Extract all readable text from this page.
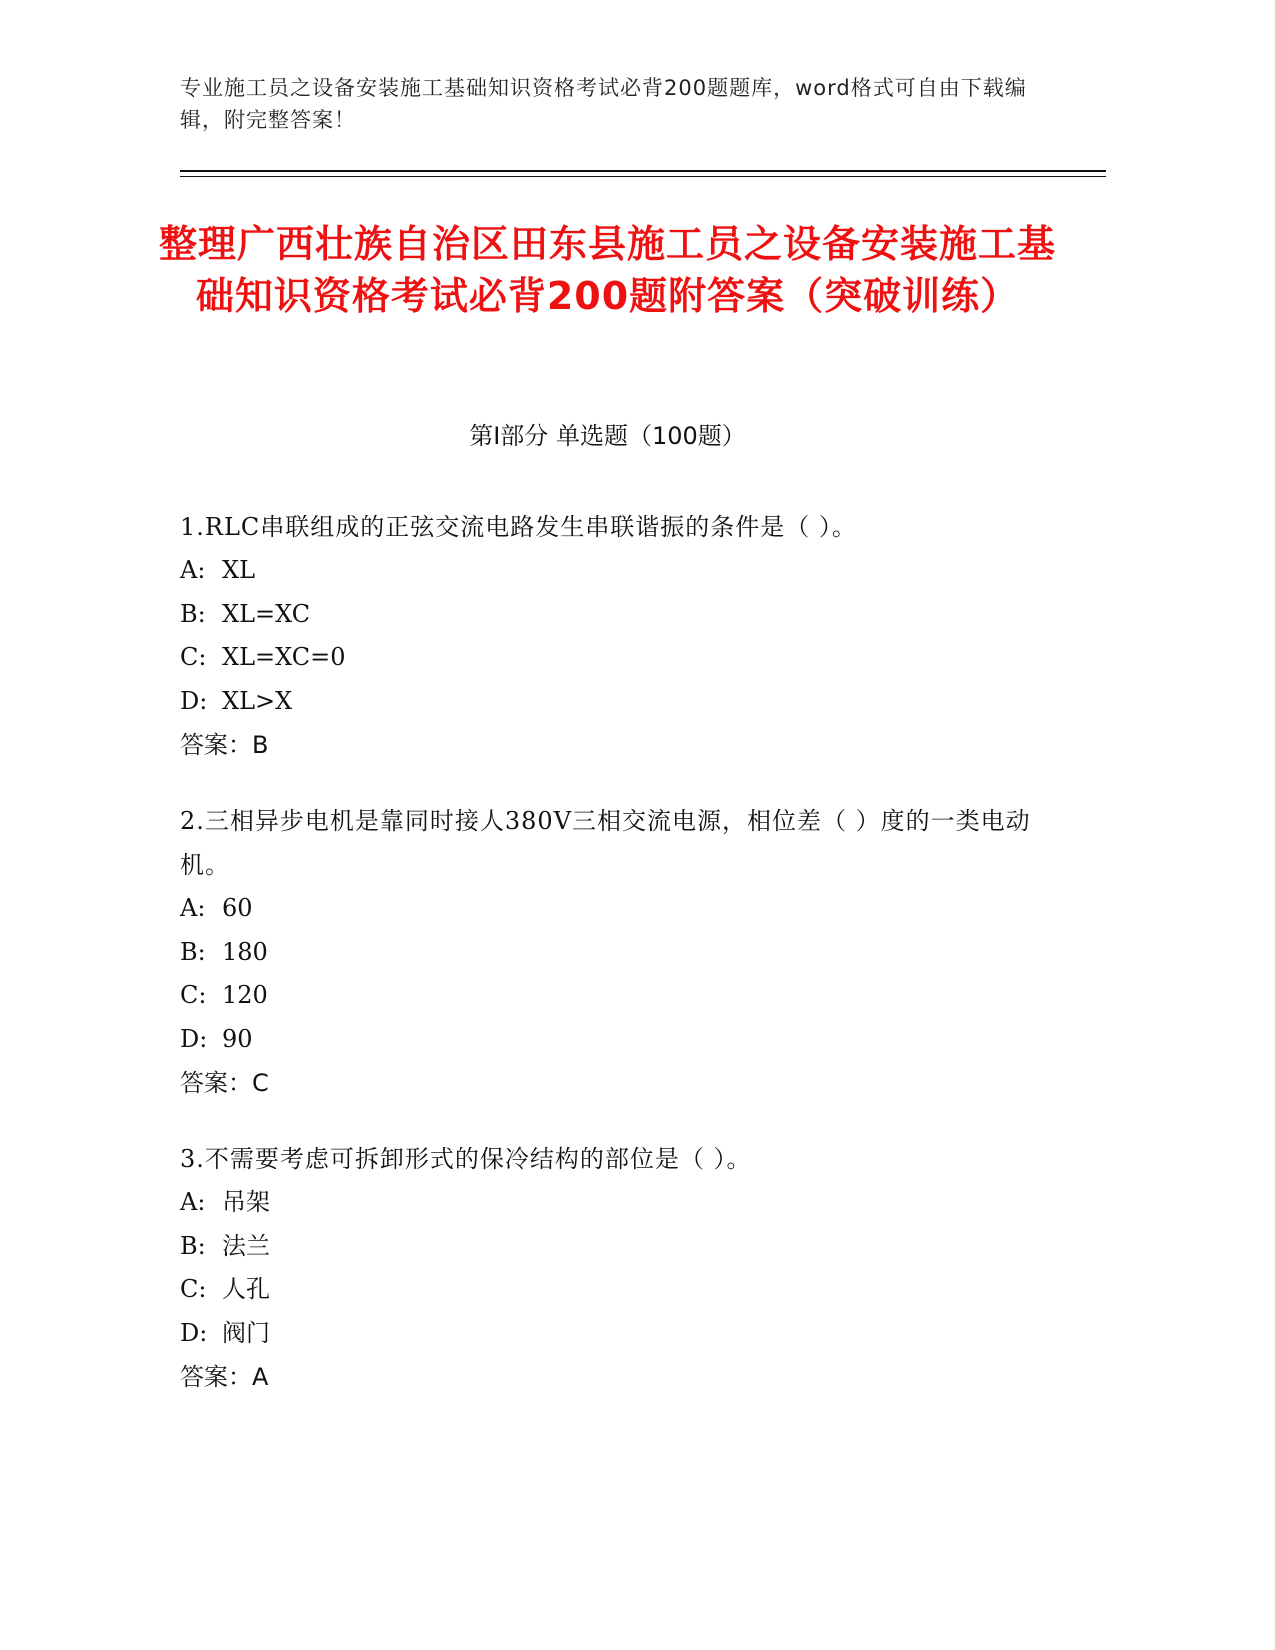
专业施工员之设备安装施工基础知识资格考试必背200题题库，word格式可自由下载编辑，附完整答案！
整理广西壮族自治区田东县施工员之设备安装施工基础知识资格考试必背200题附答案（突破训练）
第Ⅰ部分 单选题（100题）
1.RLC串联组成的正弦交流电路发生串联谐振的条件是（ ）。
A: XL
B: XL=XC
C: XL=XC=0
D: XL>X
答案：B
2.三相异步电机是靠同时接人380V三相交流电源，相位差（ ）度的一类电动机。
A: 60
B: 180
C: 120
D: 90
答案：C
3.不需要考虑可拆卸形式的保冷结构的部位是（ ）。
A: 吊架
B: 法兰
C: 人孔
D: 阀门
答案：A
